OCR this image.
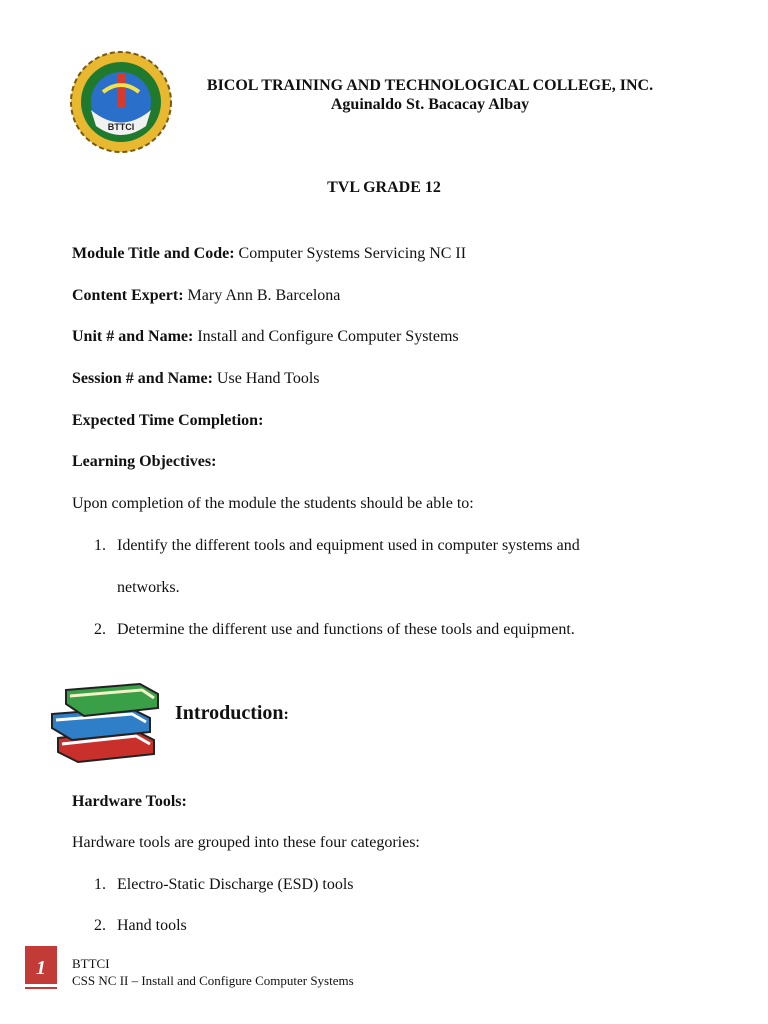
BTTCI
BICOL TRAINING AND TECHNOLOGICAL COLLEGE, INC.
Aguinaldo St. Bacacay Albay
TVL GRADE 12
Module Title and Code: Computer Systems Servicing NC II
Content Expert: Mary Ann B. Barcelona
Unit # and Name: Install and Configure Computer Systems
Session # and Name: Use Hand Tools
Expected Time Completion:
Learning Objectives:
Upon completion of the module the students should be able to:
1. Identify the different tools and equipment used in computer systems and
networks.
2. Determine the different use and functions of these tools and equipment.
Introduction:
Hardware Tools:
Hardware tools are grouped into these four categories:
1. Electro-Static Discharge (ESD) tools
2. Hand tools
1	BTTCI
CSS NC II – Install and Configure Computer Systems
